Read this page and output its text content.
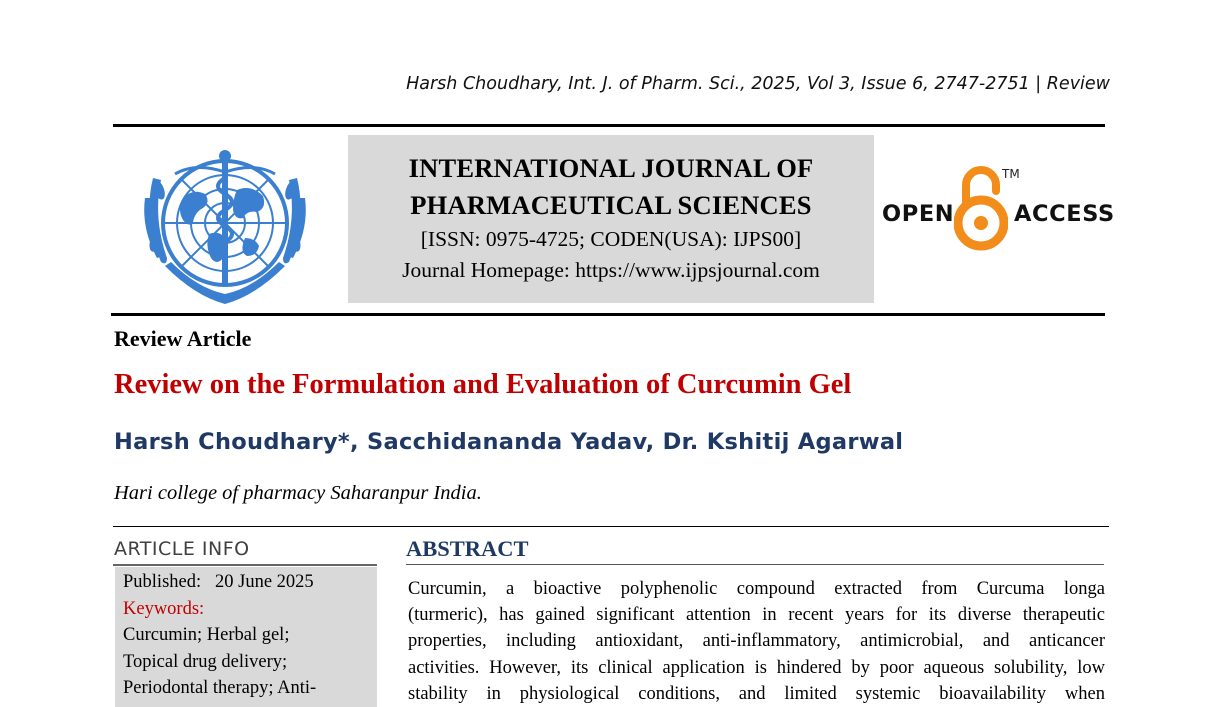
Harsh Choudhary, Int. J. of Pharm. Sci., 2025, Vol 3, Issue 6, 2747-2751 | Review
INTERNATIONAL JOURNAL OF
PHARMACEUTICAL SCIENCES
[ISSN: 0975-4725; CODEN(USA): IJPS00]
Journal Homepage: https://www.ijpsjournal.com
OPEN
TM
ACCESS
Review Article
Review on the Formulation and Evaluation of Curcumin Gel
Harsh Choudhary*, Sacchidananda Yadav, Dr. Kshitij Agarwal
Hari college of pharmacy Saharanpur India.
ARTICLE INFO
Published: 20 June 2025
Keywords:
Curcumin; Herbal gel;
Topical drug delivery;
Periodontal therapy; Anti-
ABSTRACT
Curcumin, a bioactive polyphenolic compound extracted from Curcuma longa
(turmeric), has gained significant attention in recent years for its diverse therapeutic
properties, including antioxidant, anti-inflammatory, antimicrobial, and anticancer
activities. However, its clinical application is hindered by poor aqueous solubility, low
stability in physiological conditions, and limited systemic bioavailability when
